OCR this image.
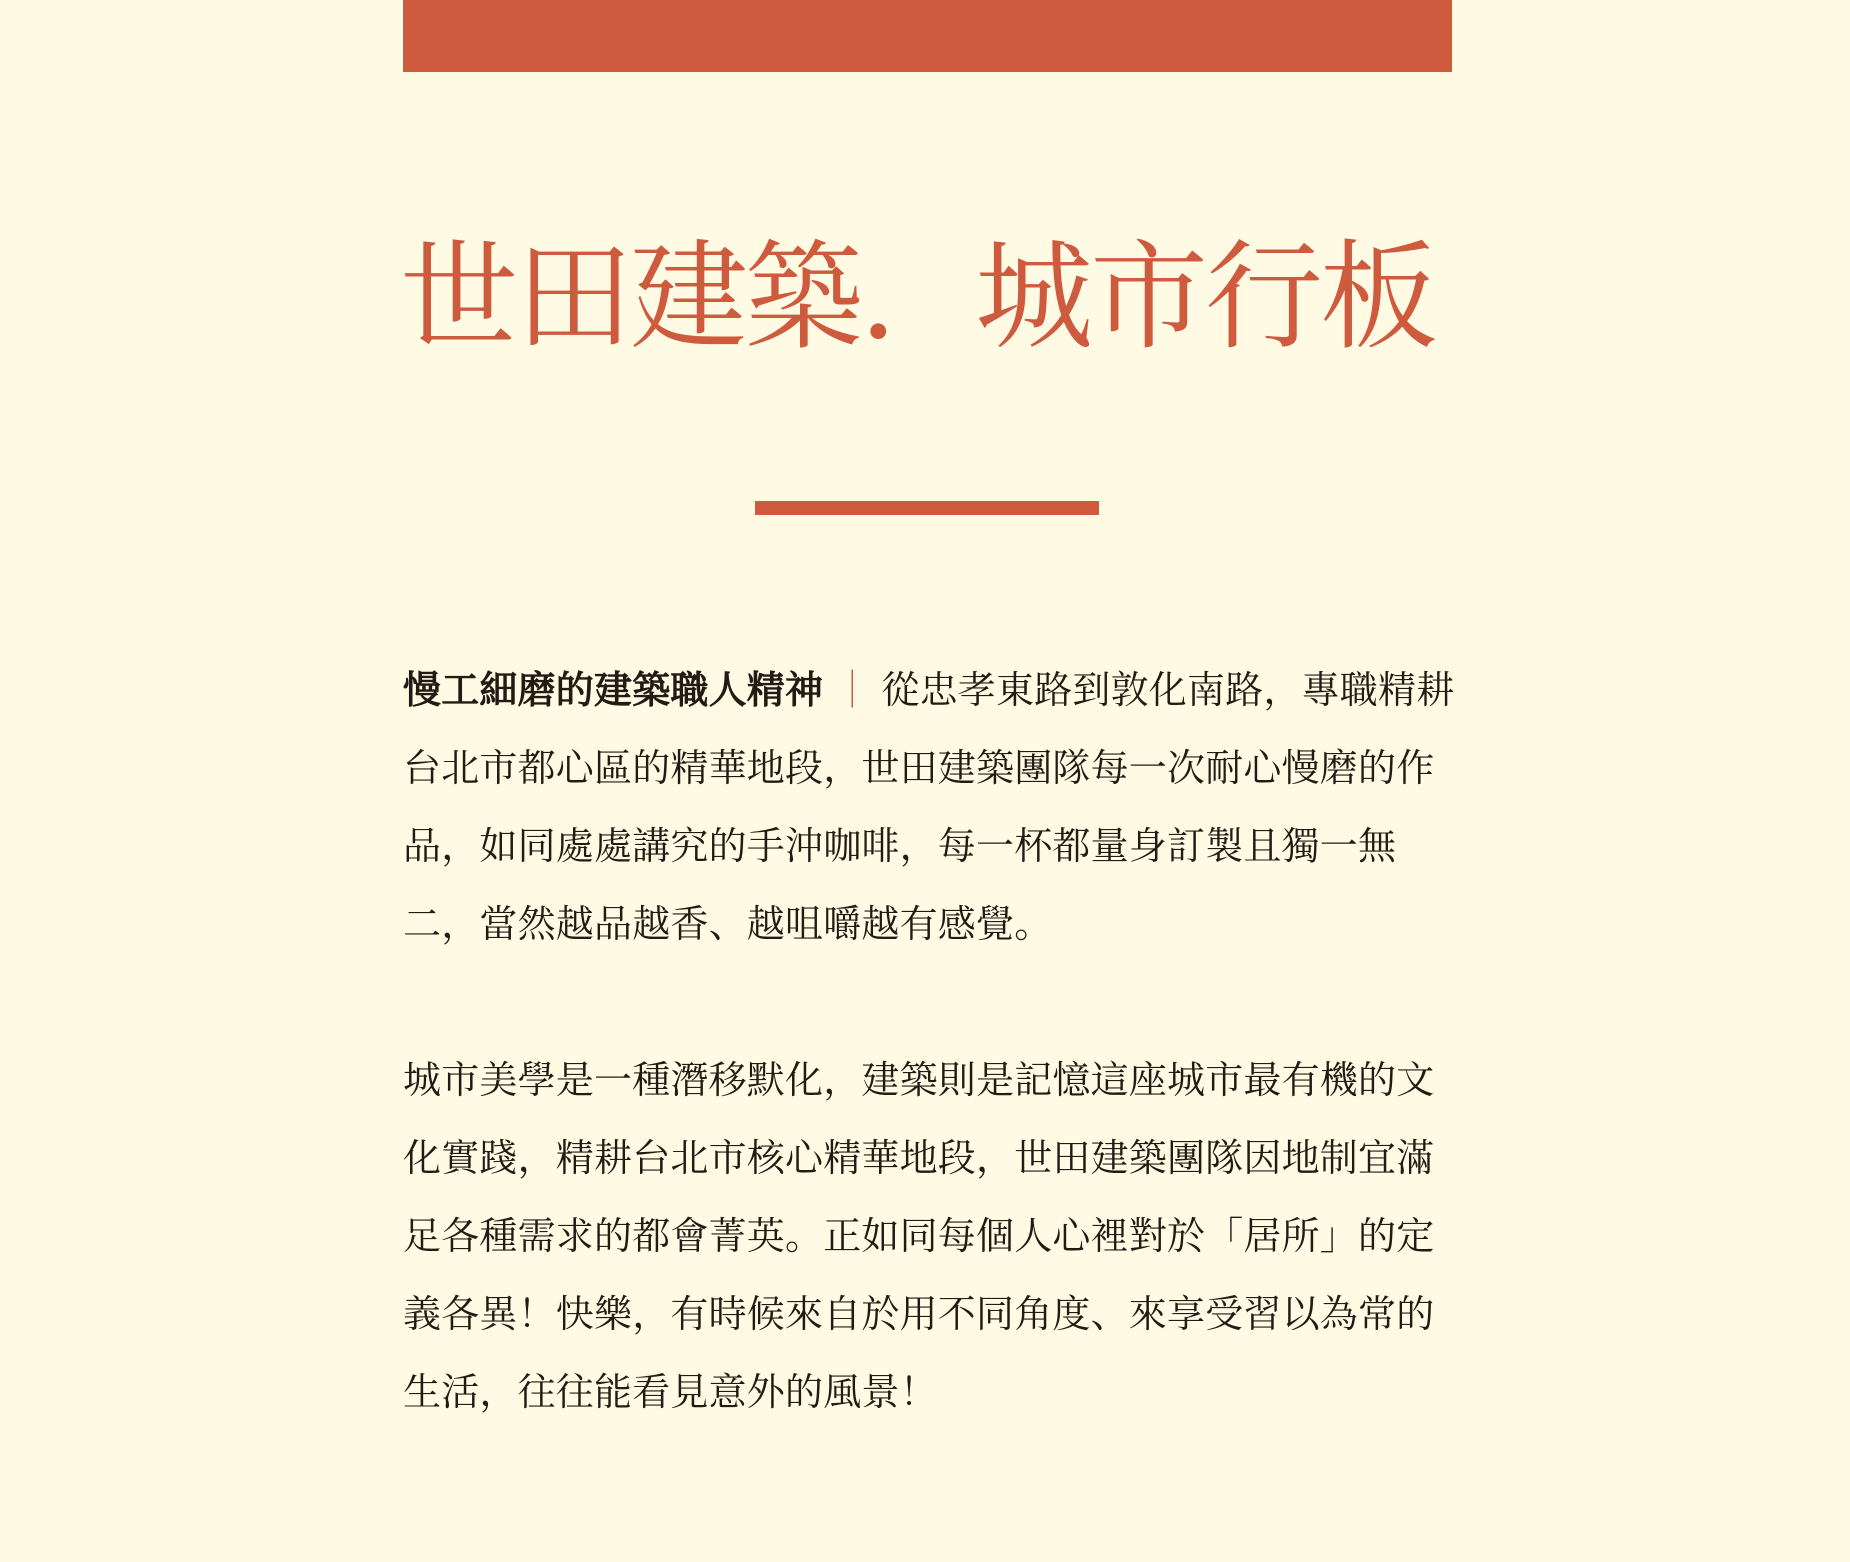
世田建築．城市行板

慢工細磨的建築職人精神 ｜ 從忠孝東路到敦化南路，專職精耕台北市都心區的精華地段，世田建築團隊每一次耐心慢磨的作品，如同處處講究的手沖咖啡，每一杯都量身訂製且獨一無二，當然越品越香、越咀嚼越有感覺。

城市美學是一種潛移默化，建築則是記憶這座城市最有機的文化實踐，精耕台北市核心精華地段，世田建築團隊因地制宜滿足各種需求的都會菁英。正如同每個人心裡對於「居所」的定義各異！快樂，有時候來自於用不同角度、來享受習以為常的生活，往往能看見意外的風景！
